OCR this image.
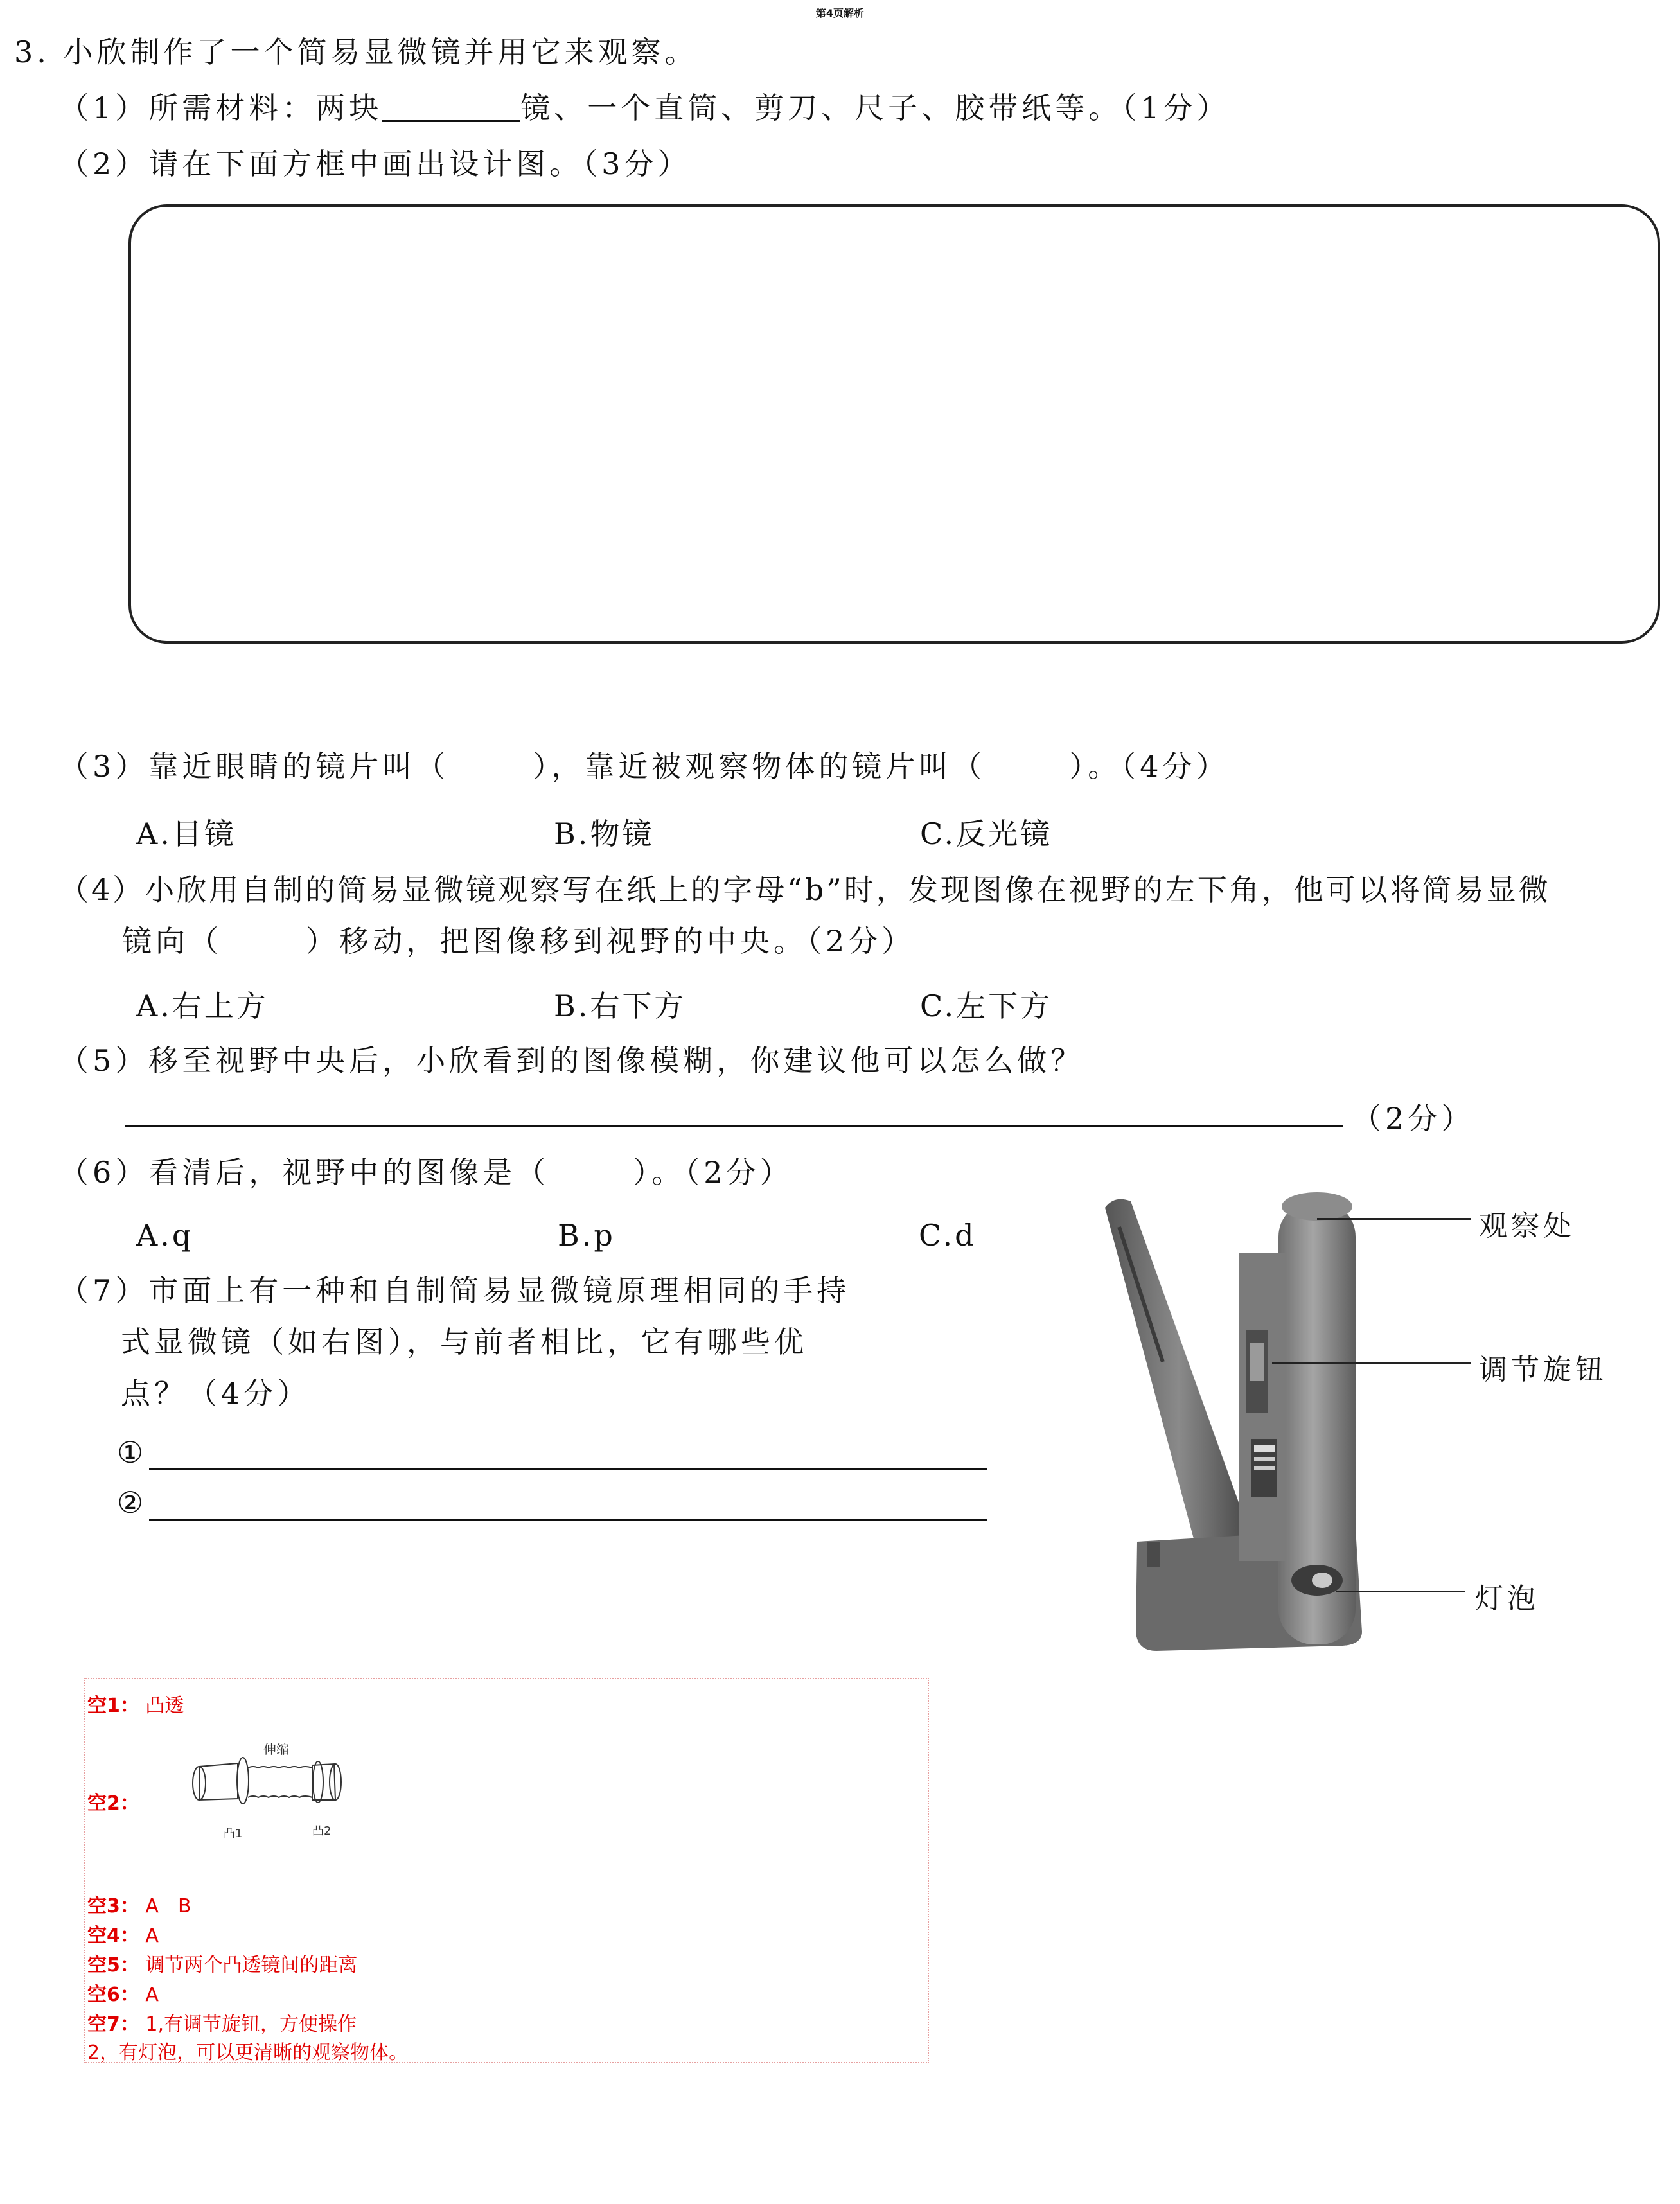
第4页解析
3. 小欣制作了一个简易显微镜并用它来观察。
（1）所需材料：两块	镜、一个直筒、剪刀、尺子、胶带纸等。（1分）
（2）请在下面方框中画出设计图。（3分）
（3）靠近眼睛的镜片叫（	），靠近被观察物体的镜片叫（	）。（4分）
A.目镜	B.物镜	C.反光镜
（4）小欣用自制的简易显微镜观察写在纸上的字母“b”时，发现图像在视野的左下角，他可以将简易显微
镜向（	）移动，把图像移到视野的中央。（2分）
A.右上方	B.右下方	C.左下方
（5）移至视野中央后，小欣看到的图像模糊，你建议他可以怎么做？
（2分）
（6）看清后，视野中的图像是（	）。（2分）
A.q	B.p	C.d
（7）市面上有一种和自制简易显微镜原理相同的手持
式显微镜（如右图），与前者相比，它有哪些优
点？（4分）
①
②
观察处
调节旋钮
灯泡
空1： 凸透
空2：
伸缩
凸1	凸2
空3： A　B
空4： A
空5： 调节两个凸透镜间的距离
空6： A
空7： 1,有调节旋钮，方便操作
2，有灯泡，可以更清晰的观察物体。
